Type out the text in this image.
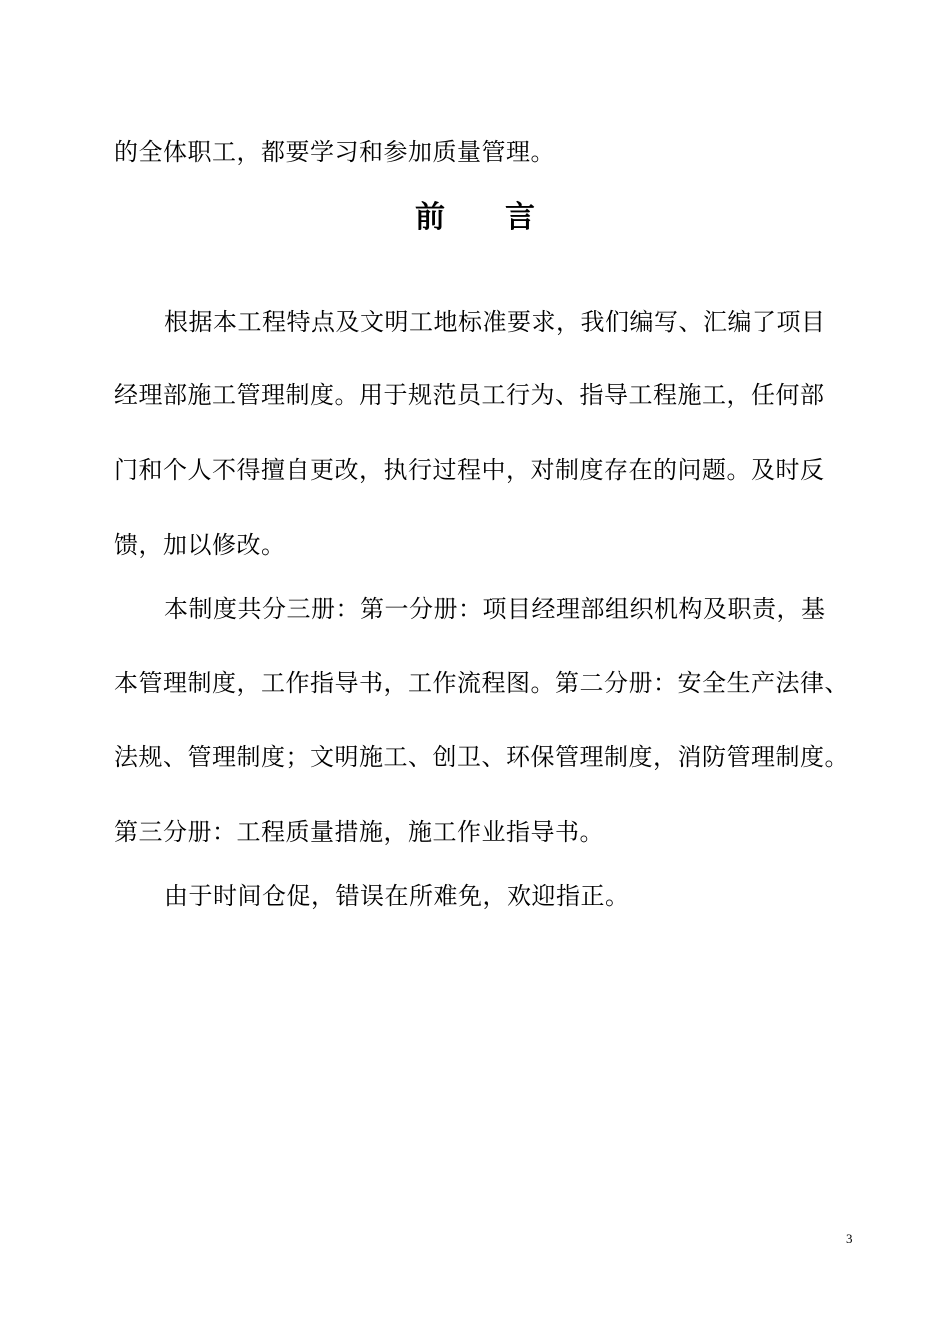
的全体职工，都要学习和参加质量管理。
前言
根据本工程特点及文明工地标准要求，我们编写、汇编了项目
经理部施工管理制度。用于规范员工行为、指导工程施工，任何部
门和个人不得擅自更改，执行过程中，对制度存在的问题。及时反
馈，加以修改。
本制度共分三册：第一分册：项目经理部组织机构及职责，基
本管理制度，工作指导书，工作流程图。第二分册：安全生产法律、
法规、管理制度；文明施工、创卫、环保管理制度，消防管理制度。
第三分册：工程质量措施，施工作业指导书。
由于时间仓促，错误在所难免，欢迎指正。
3
